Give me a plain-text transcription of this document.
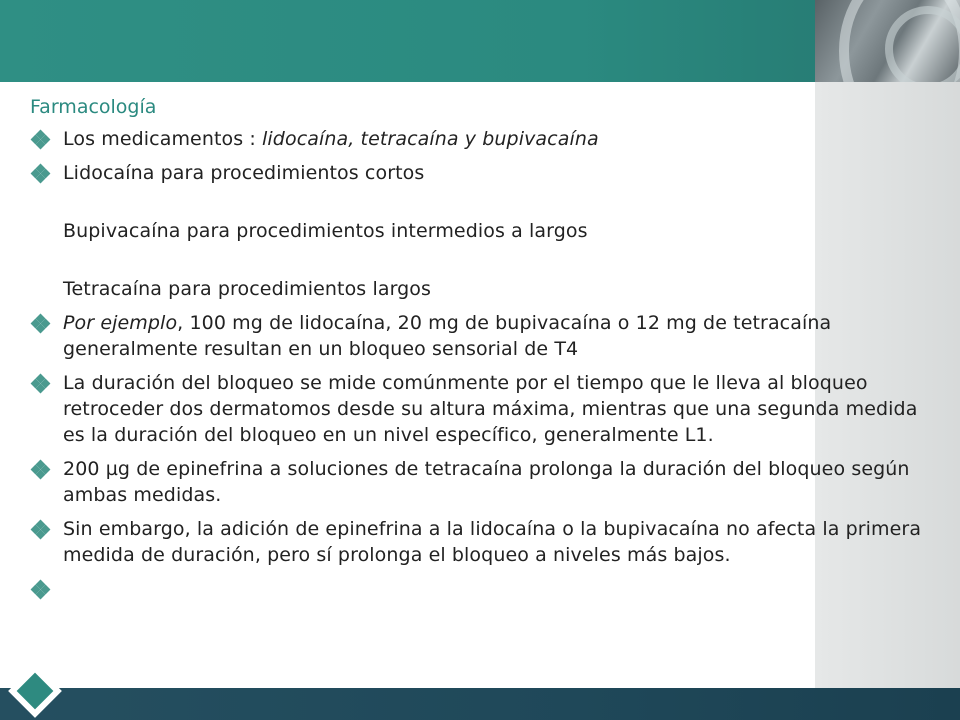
Farmacología
Los medicamentos : lidocaína, tetracaína y bupivacaína
Lidocaína para procedimientos cortos
Bupivacaína para procedimientos intermedios a largos
Tetracaína para procedimientos largos
Por ejemplo, 100 mg de lidocaína, 20 mg de bupivacaína o 12 mg de tetracaína generalmente resultan en un bloqueo sensorial de T4
La duración del bloqueo se mide comúnmente por el tiempo que le lleva al bloqueo retroceder dos dermatomos desde su altura máxima, mientras que una segunda medida es la duración del bloqueo en un nivel específico, generalmente L1.
200 µg de epinefrina a soluciones de tetracaína prolonga la duración del bloqueo según ambas medidas.
Sin embargo, la adición de epinefrina a la lidocaína o la bupivacaína no afecta la primera medida de duración, pero sí prolonga el bloqueo a niveles más bajos.
